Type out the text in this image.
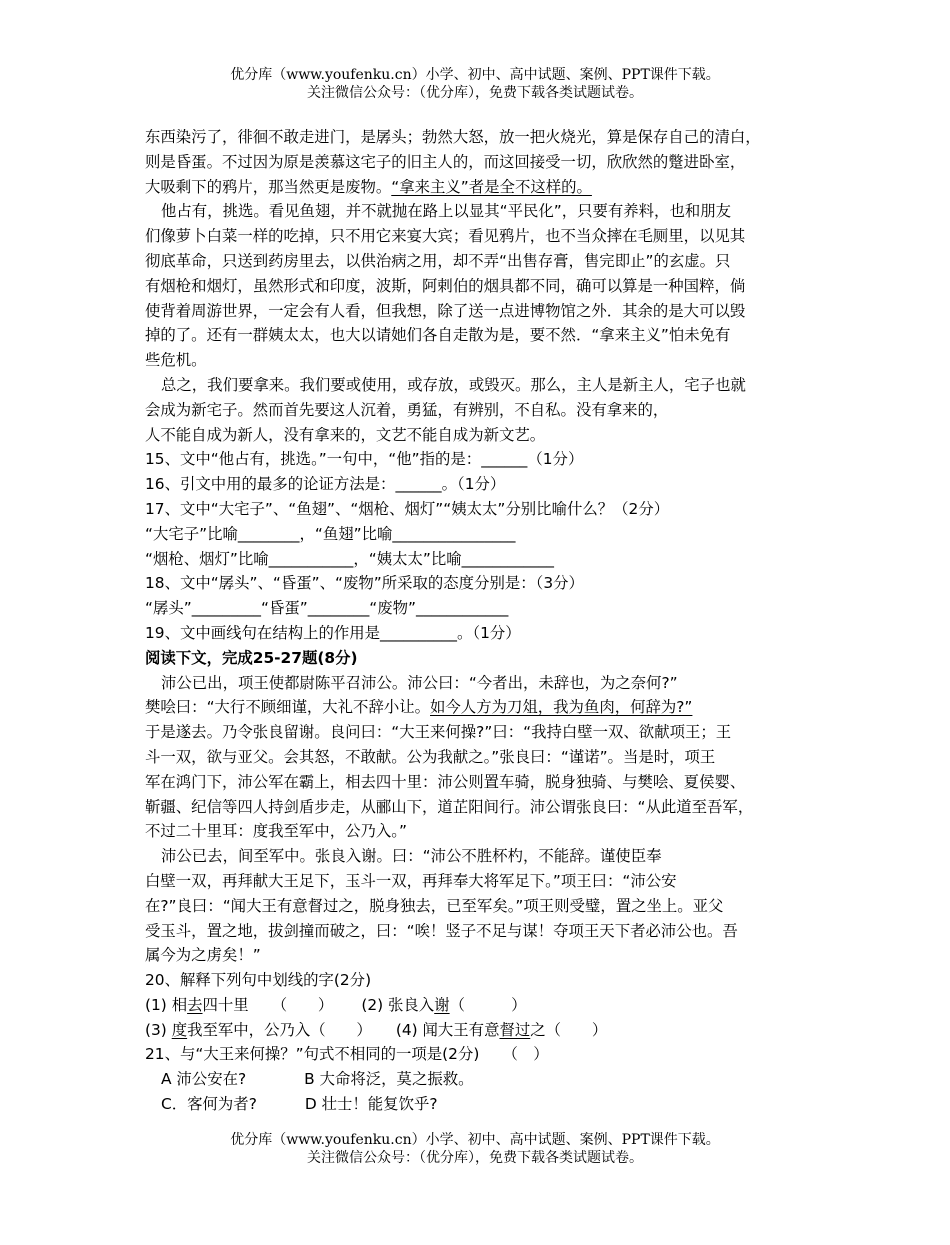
优分库（www.youfenku.cn）小学、初中、高中试题、案例、PPT课件下载。
关注微信公众号：（优分库），免费下载各类试题试卷。
东西染污了，徘徊不敢走进门，是孱头；勃然大怒，放一把火烧光，算是保存自己的清白，
则是昏蛋。不过因为原是羡慕这宅子的旧主人的，而这回接受一切，欣欣然的蹩进卧室，
大吸剩下的鸦片，那当然更是废物。“拿来主义”者是全不这样的。
他占有，挑选。看见鱼翅，并不就抛在路上以显其“平民化”，只要有养料，也和朋友
们像萝卜白菜一样的吃掉，只不用它来宴大宾；看见鸦片，也不当众摔在毛厕里，以见其
彻底革命，只送到药房里去，以供治病之用，却不弄“出售存膏，售完即止”的玄虚。只
有烟枪和烟灯，虽然形式和印度，波斯，阿剌伯的烟具都不同，确可以算是一种国粹，倘
使背着周游世界，一定会有人看，但我想，除了送一点进博物馆之外．其余的是大可以毁
掉的了。还有一群姨太太，也大以请她们各自走散为是，要不然．“拿来主义”怕未免有
些危机。
总之，我们要拿来。我们要或使用，或存放，或毁灭。那么，主人是新主人，宅子也就
会成为新宅子。然而首先要这人沉着，勇猛，有辨别，不自私。没有拿来的，
人不能自成为新人，没有拿来的，文艺不能自成为新文艺。
15、文中“他占有，挑选。”一句中，“他”指的是：______（1分）
16、引文中用的最多的论证方法是：______。（1分）
17、文中“大宅子”、“鱼翅”、“烟枪、烟灯”“姨太太”分别比喻什么？（2分）
“大宅子”比喻________，“鱼翅”比喻________________
“烟枪、烟灯”比喻___________，“姨太太”比喻____________
18、文中“孱头”、“昏蛋”、“废物”所采取的态度分别是：（3分）
“孱头”_________“昏蛋”________“废物”____________
19、文中画线句在结构上的作用是__________。（1分）
阅读下文，完成25-27题(8分)
沛公已出，项王使都尉陈平召沛公。沛公曰：“今者出，未辞也，为之奈何?”
樊哙曰：“大行不顾细谨，大礼不辞小让。如今人方为刀俎，我为鱼肉，何辞为?”
于是遂去。乃令张良留谢。良问曰：“大王来何操?”曰：“我持白壁一双、欲献项王；王
斗一双，欲与亚父。会其怒，不敢献。公为我献之。”张良曰：“谨诺”。当是时，项王
军在鸿门下，沛公军在霸上，相去四十里：沛公则置车骑，脱身独骑、与樊哙、夏侯婴、
靳疆、纪信等四人持剑盾步走，从郦山下，道芷阳间行。沛公谓张良曰：“从此道至吾军，
不过二十里耳：度我至军中，公乃入。”
沛公已去，间至军中。张良入谢。曰：“沛公不胜杯杓，不能辞。谨使臣奉
白壁一双，再拜献大王足下，玉斗一双，再拜奉大将军足下。”项王曰：“沛公安
在?”良曰：“闻大王有意督过之，脱身独去，已至军矣。”项王则受璧，置之坐上。亚父
受玉斗，置之地，拔剑撞而破之，曰：“唉！竖子不足与谋！夺项王天下者必沛公也。吾
属今为之虏矣！”
20、解释下列句中划线的字(2分)
(1) 相去四十里　　（　　） (2) 张良入谢（　　　）
(3) 度我至军中，公乃入（　　） (4) 闻大王有意督过之（　　）
21、与“大王来何操？”句式不相同的一项是(2分)　　（　）
A 沛公安在?	B 大命将泛，莫之振救。
C．客何为者?	D 壮士！能复饮乎?
优分库（www.youfenku.cn）小学、初中、高中试题、案例、PPT课件下载。
关注微信公众号：（优分库），免费下载各类试题试卷。
